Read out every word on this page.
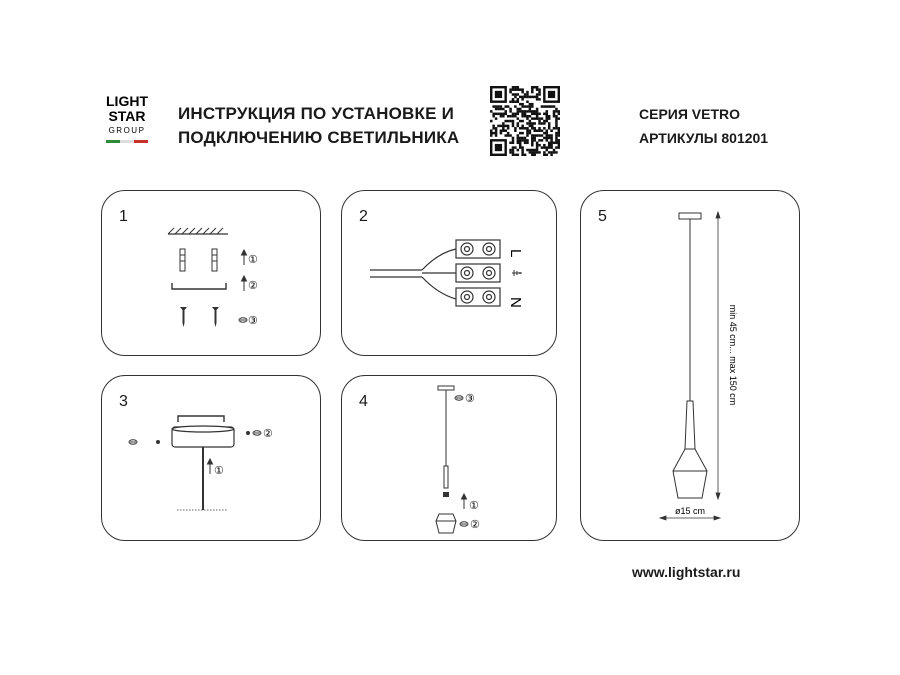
LIGHT
STAR
GROUP
ИНСТРУКЦИЯ ПО УСТАНОВКЕ И
ПОДКЛЮЧЕНИЮ СВЕТИЛЬНИКА
СЕРИЯ VETRO
АРТИКУЛЫ 801201
1
①
②
③
2
L
N
3
①
②
4	③
①
②
5
min 45 cm... max 150 cm
ø15 cm
www.lightstar.ru
